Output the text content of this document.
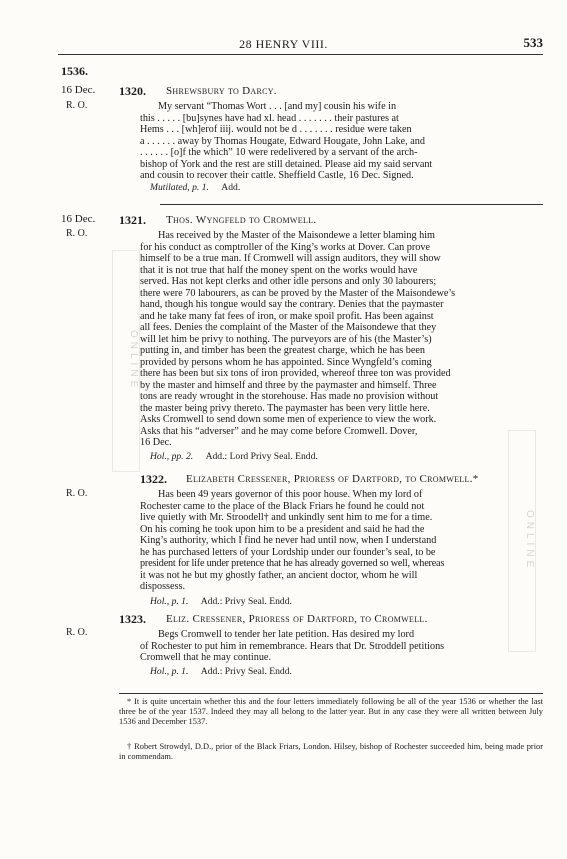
28 HENRY VIII.	533
1536.
ONLINE
ONLINE
16 Dec.
R. O.
1320. Shrewsbury to Darcy.
My servant “Thomas Wort . . . [and my] cousin his wife in
this . . . . . [bu]synes have had xl. head . . . . . . . their pastures at
Hems . . . [wh]erof iiij. would not be d . . . . . . . residue were taken
a . . . . . . away by Thomas Hougate, Edward Hougate, John Lake, and
. . . . . . [o]f the which” 10 were redelivered by a servant of the arch-
bishop of York and the rest are still detained. Please aid my said servant
and cousin to recover their cattle. Sheffield Castle, 16 Dec. Signed.
Mutilated, p. 1. Add.
16 Dec.
R. O.
1321. Thos. Wyngfeld to Cromwell.
Has received by the Master of the Maisondewe a letter blaming him
for his conduct as comptroller of the King’s works at Dover. Can prove
himself to be a true man. If Cromwell will assign auditors, they will show
that it is not true that half the money spent on the works would have
served. Has not kept clerks and other idle persons and only 30 labourers;
there were 70 labourers, as can be proved by the Master of the Maisondewe’s
hand, though his tongue would say the contrary. Denies that the paymaster
and he take many fat fees of iron, or make spoil profit. Has been against
all fees. Denies the complaint of the Master of the Maisondewe that they
will let him be privy to nothing. The purveyors are of his (the Master’s)
putting in, and timber has been the greatest charge, which he has been
provided by persons whom he has appointed. Since Wyngfeld’s coming
there has been but six tons of iron provided, whereof three ton was provided
by the master and himself and three by the paymaster and himself. Three
tons are ready wrought in the storehouse. Has made no provision without
the master being privy thereto. The paymaster has been very little here.
Asks Cromwell to send down some men of experience to view the work.
Asks that his “adverser” and he may come before Cromwell. Dover,
16 Dec.
Hol., pp. 2. Add.: Lord Privy Seal. Endd.
R. O.
1322. Elizabeth Cressener, Prioress of Dartford, to Cromwell.*
Has been 49 years governor of this poor house. When my lord of
Rochester came to the place of the Black Friars he found he could not
live quietly with Mr. Stroodell† and unkindly sent him to me for a time.
On his coming he took upon him to be a president and said he had the
King’s authority, which I find he never had until now, when I understand
he has purchased letters of your Lordship under our founder’s seal, to be
president for life under pretence that he has already governed so well, whereas
it was not he but my ghostly father, an ancient doctor, whom he will
dispossess.
Hol., p. 1. Add.: Privy Seal. Endd.
R. O.
1323. Eliz. Cressener, Prioress of Dartford, to Cromwell.
Begs Cromwell to tender her late petition. Has desired my lord
of Rochester to put him in remembrance. Hears that Dr. Stroddell petitions
Cromwell that he may continue.
Hol., p. 1. Add.: Privy Seal. Endd.
* It is quite uncertain whether this and the four letters immediately following be all of the year 1536 or whether the last three be of the year 1537. Indeed they may all belong to the latter year. But in any case they were all written between July 1536 and December 1537.
† Robert Strowdyl, D.D., prior of the Black Friars, London. Hilsey, bishop of Rochester succeeded him, being made prior in commendam.
